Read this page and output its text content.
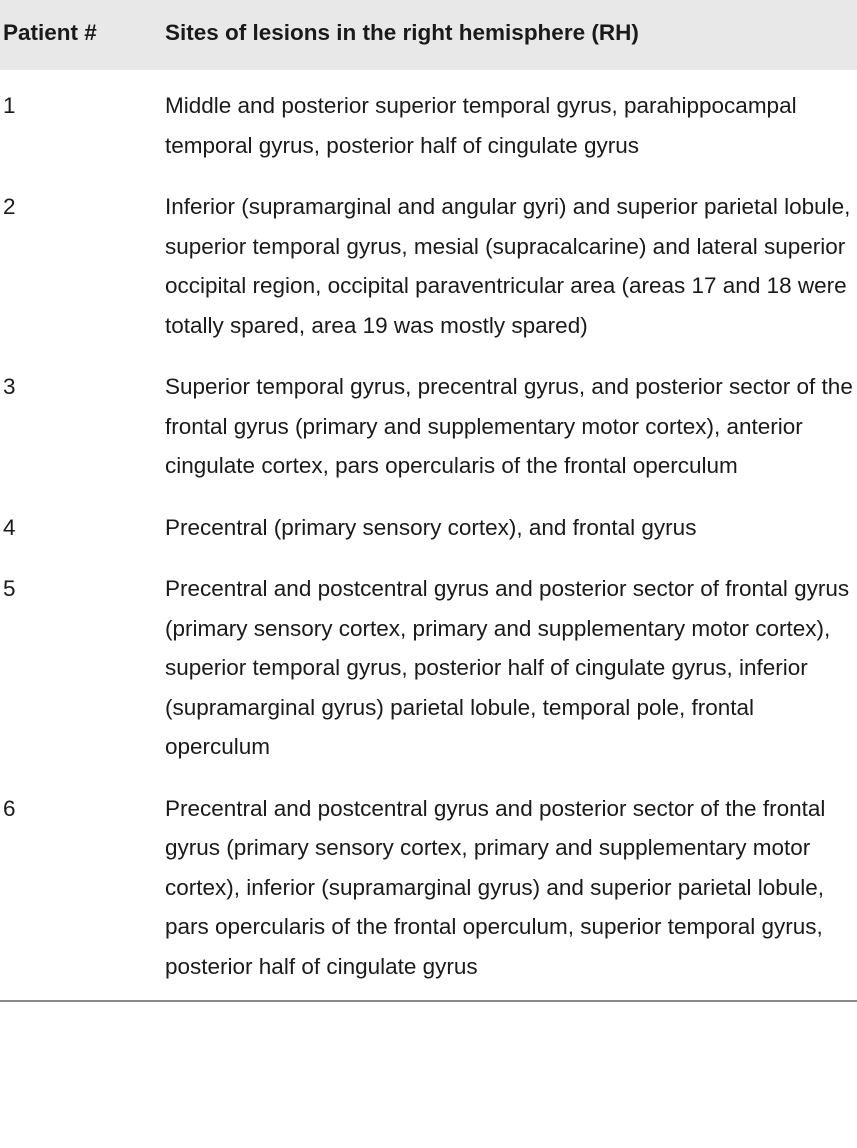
Patient #	Sites of lesions in the right hemisphere (RH)
1	Middle and posterior superior temporal gyrus, parahippocampal temporal gyrus, posterior half of cingulate gyrus
2	Inferior (supramarginal and angular gyri) and superior parietal lobule, superior temporal gyrus, mesial (supracalcarine) and lateral superior occipital region, occipital paraventricular area (areas 17 and 18 were totally spared, area 19 was mostly spared)
3	Superior temporal gyrus, precentral gyrus, and posterior sector of the frontal gyrus (primary and supplementary motor cortex), anterior cingulate cortex, pars opercularis of the frontal operculum
4	Precentral (primary sensory cortex), and frontal gyrus
5	Precentral and postcentral gyrus and posterior sector of frontal gyrus (primary sensory cortex, primary and supplementary motor cortex), superior temporal gyrus, posterior half of cingulate gyrus, inferior (supramarginal gyrus) parietal lobule, temporal pole, frontal operculum
6	Precentral and postcentral gyrus and posterior sector of the frontal gyrus (primary sensory cortex, primary and supplementary motor cortex), inferior (supramarginal gyrus) and superior parietal lobule, pars opercularis of the frontal operculum, superior temporal gyrus, posterior half of cingulate gyrus
